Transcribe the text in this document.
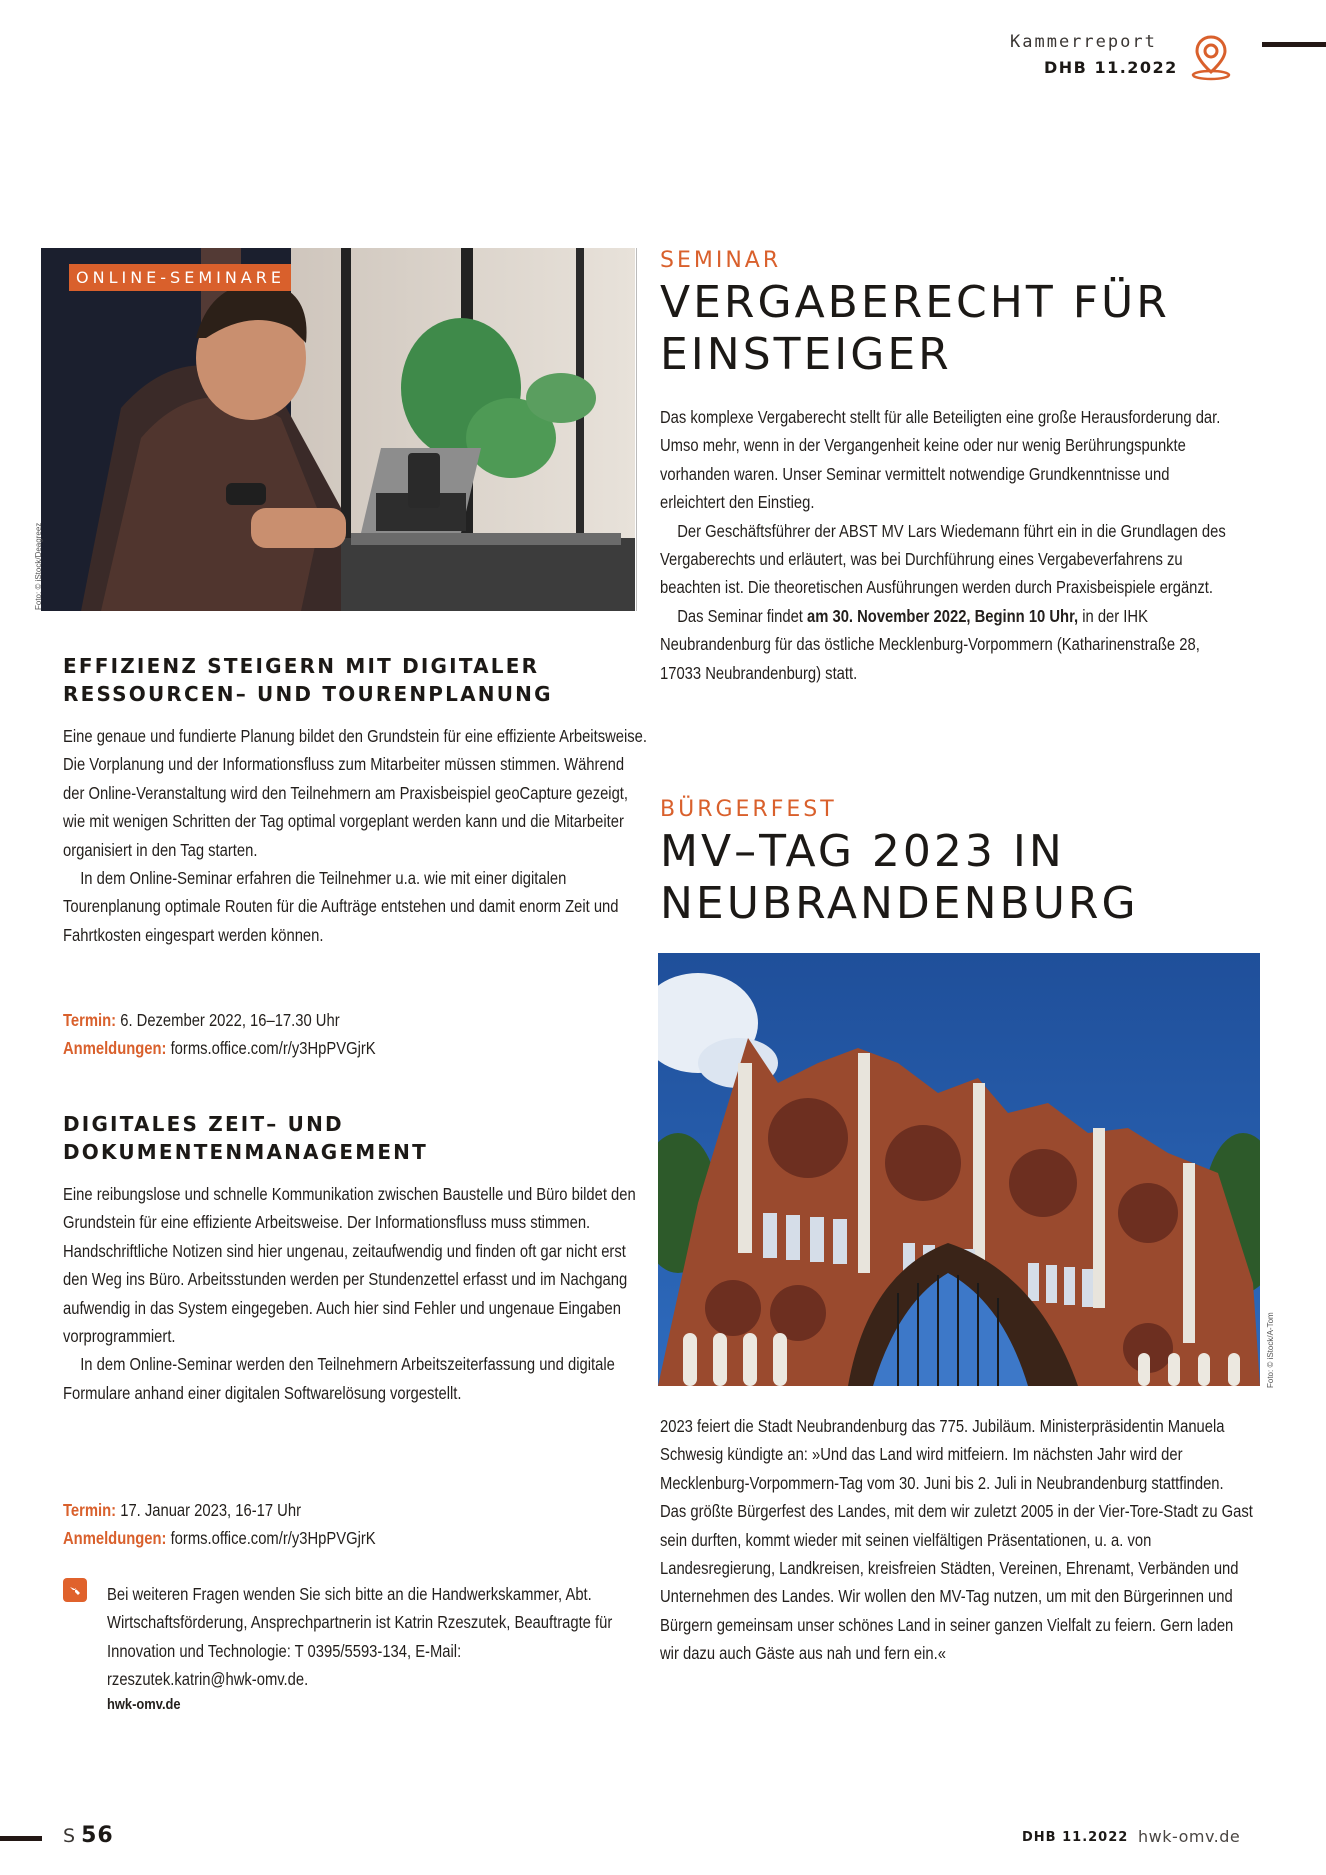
Kammerreport
DHB 11.2022
ONLINE-SEMINARE
Foto: © iStock/Deagreez
EFFIZIENZ STEIGERN MIT DIGITALER
RESSOURCEN– UND TOURENPLANUNG

Eine genaue und fundierte Planung bildet den Grundstein für eine effiziente Arbeitsweise. Die Vorplanung und der Informationsfluss zum Mitarbeiter müssen stimmen. Während der Online-Veranstaltung wird den Teilnehmern am Praxisbeispiel geoCapture gezeigt, wie mit wenigen Schritten der Tag optimal vorgeplant werden kann und die Mitarbeiter organisiert in den Tag starten.

In dem Online-Seminar erfahren die Teilnehmer u.a. wie mit einer digitalen Tourenplanung optimale Routen für die Aufträge entstehen und damit enorm Zeit und Fahrtkosten eingespart werden können.

Termin: 6. Dezember 2022, 16–17.30 Uhr
Anmeldungen: forms.office.com/r/y3HpPVGjrK
DIGITALES ZEIT– UND
DOKUMENTENMANAGEMENT

Eine reibungslose und schnelle Kommunikation zwischen Baustelle und Büro bildet den Grundstein für eine effiziente Arbeitsweise. Der Informationsfluss muss stimmen. Handschriftliche Notizen sind hier ungenau, zeitaufwendig und finden oft gar nicht erst den Weg ins Büro. Arbeitsstunden werden per Stundenzettel erfasst und im Nachgang aufwendig in das System eingegeben. Auch hier sind Fehler und ungenaue Eingaben vorprogrammiert.

In dem Online-Seminar werden den Teilnehmern Arbeitszeiterfassung und digitale Formulare anhand einer digitalen Softwarelösung vorgestellt.

Termin: 17. Januar 2023, 16-17 Uhr
Anmeldungen: forms.office.com/r/y3HpPVGjrK
Bei weiteren Fragen wenden Sie sich bitte an die Handwerkskammer, Abt. Wirtschaftsförderung, Ansprechpartnerin ist Katrin Rzeszutek, Beauftragte für Innovation und Technologie: T 0395/5593-134, E-Mail: rzeszutek.katrin@hwk-omv.de.
hwk-omv.de
SEMINAR
VERGABERECHT FÜR
EINSTEIGER

Das komplexe Vergaberecht stellt für alle Beteiligten eine große Herausforderung dar. Umso mehr, wenn in der Vergangenheit keine oder nur wenig Berührungspunkte vorhanden waren. Unser Seminar vermittelt notwendige Grundkenntnisse und erleichtert den Einstieg.

Der Geschäftsführer der ABST MV Lars Wiedemann führt ein in die Grundlagen des Vergaberechts und erläutert, was bei Durchführung eines Vergabeverfahrens zu beachten ist. Die theoretischen Ausführungen werden durch Praxisbeispiele ergänzt.

Das Seminar findet am 30. November 2022, Beginn 10 Uhr, in der IHK Neubrandenburg für das östliche Mecklenburg-Vorpommern (Katharinenstraße 28, 17033 Neubrandenburg) statt.

BÜRGERFEST
MV–TAG 2023 IN
NEUBRANDENBURG
Foto: © iStock/A-Tom

2023 feiert die Stadt Neubrandenburg das 775. Jubiläum. Ministerpräsidentin Manuela Schwesig kündigte an: »Und das Land wird mitfeiern. Im nächsten Jahr wird der Mecklenburg-Vorpommern-Tag vom 30. Juni bis 2. Juli in Neubrandenburg stattfinden. Das größte Bürgerfest des Landes, mit dem wir zuletzt 2005 in der Vier-Tore-Stadt zu Gast sein durften, kommt wieder mit seinen vielfältigen Präsentationen, u. a. von Landesregierung, Landkreisen, kreisfreien Städten, Vereinen, Ehrenamt, Verbänden und Unternehmen des Landes. Wir wollen den MV-Tag nutzen, um mit den Bürgerinnen und Bürgern gemeinsam unser schönes Land in seiner ganzen Vielfalt zu feiern. Gern laden wir dazu auch Gäste aus nah und fern ein.«

S 56	DHB 11.2022 hwk-omv.de
